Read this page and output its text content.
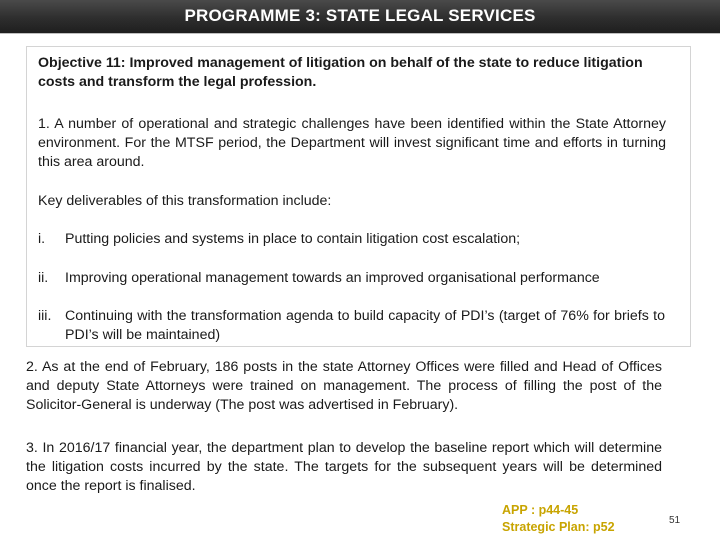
PROGRAMME 3: STATE LEGAL SERVICES
Objective 11: Improved management of litigation on behalf of the state to reduce litigation costs and transform the legal profession.
1. A number of operational and strategic challenges have been identified within the State Attorney environment. For the MTSF period, the Department will invest significant time and efforts in turning this area around.
Key deliverables of this transformation include:
i. Putting policies and systems in place to contain litigation cost escalation;
ii. Improving operational management towards an improved organisational performance
iii. Continuing with the transformation agenda to build capacity of PDI’s (target of 76% for briefs to PDI’s will be maintained)
2. As at the end of February, 186 posts in the state Attorney Offices were filled and Head of Offices and deputy State Attorneys were trained on management. The process of filling the post of the Solicitor-General is underway (The post was advertised in February).
3. In 2016/17 financial year, the department plan to develop the baseline report which will determine the litigation costs incurred by the state. The targets for the subsequent years will be determined once the report is finalised.
APP : p44-45
Strategic Plan: p52	51
